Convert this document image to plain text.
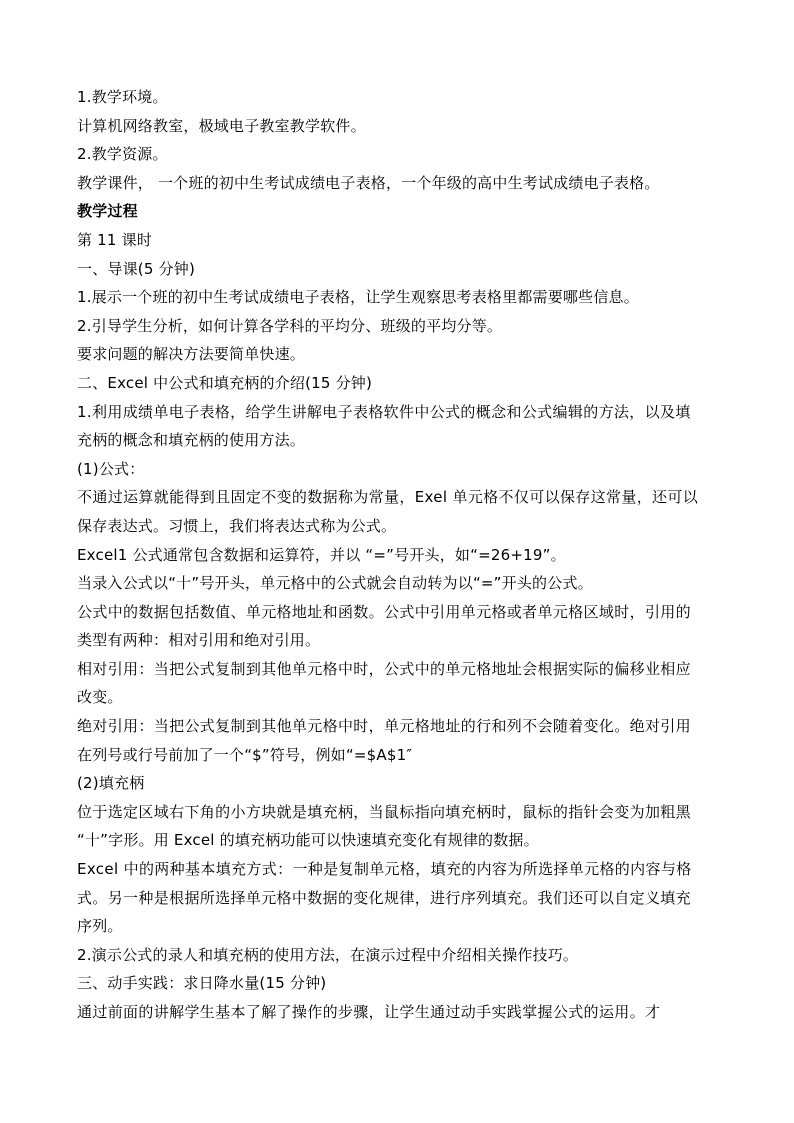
1.教学环境。
计算机网络教室，极域电子教室教学软件。
2.教学资源。
教学课件， 一个班的初中生考试成绩电子表格，一个年级的高中生考试成绩电子表格。
教学过程
第 11 课时
一、导课(5 分钟)
1.展示一个班的初中生考试成绩电子表格，让学生观察思考表格里都需要哪些信息。
2.引导学生分析，如何计算各学科的平均分、班级的平均分等。
要求问题的解决方法要简单快速。
二、Excel 中公式和填充柄的介绍(15 分钟)
1.利用成绩单电子表格，给学生讲解电子表格软件中公式的概念和公式编辑的方法，以及填
充柄的概念和填充柄的使用方法。
(1)公式：
不通过运算就能得到且固定不变的数据称为常量，Exel 单元格不仅可以保存这常量，还可以
保存表达式。习惯上，我们将表达式称为公式。
Excel1 公式通常包含数据和运算符，并以 “=”号开头，如“=26+19”。
当录入公式以“十”号开头，单元格中的公式就会自动转为以“=”开头的公式。
公式中的数据包括数值、单元格地址和函数。公式中引用单元格或者单元格区域时，引用的
类型有两种：相对引用和绝对引用。
相对引用：当把公式复制到其他单元格中时，公式中的单元格地址会根据实际的偏移业相应
改变。
绝对引用：当把公式复制到其他单元格中时，单元格地址的行和列不会随着变化。绝对引用
在列号或行号前加了一个“$”符号，例如“=$A$1″
(2)填充柄
位于选定区域右下角的小方块就是填充柄，当鼠标指向填充柄时，鼠标的指针会变为加粗黑
“十”字形。用 Excel 的填充柄功能可以快速填充变化有规律的数据。
Excel 中的两种基本填充方式：一种是复制单元格，填充的内容为所选择单元格的内容与格
式。另一种是根据所选择单元格中数据的变化规律，进行序列填充。我们还可以自定义填充
序列。
2.演示公式的录人和填充柄的使用方法，在演示过程中介绍相关操作技巧。
三、动手实践：求日降水量(15 分钟)
通过前面的讲解学生基本了解了操作的步骤，让学生通过动手实践掌握公式的运用。才
